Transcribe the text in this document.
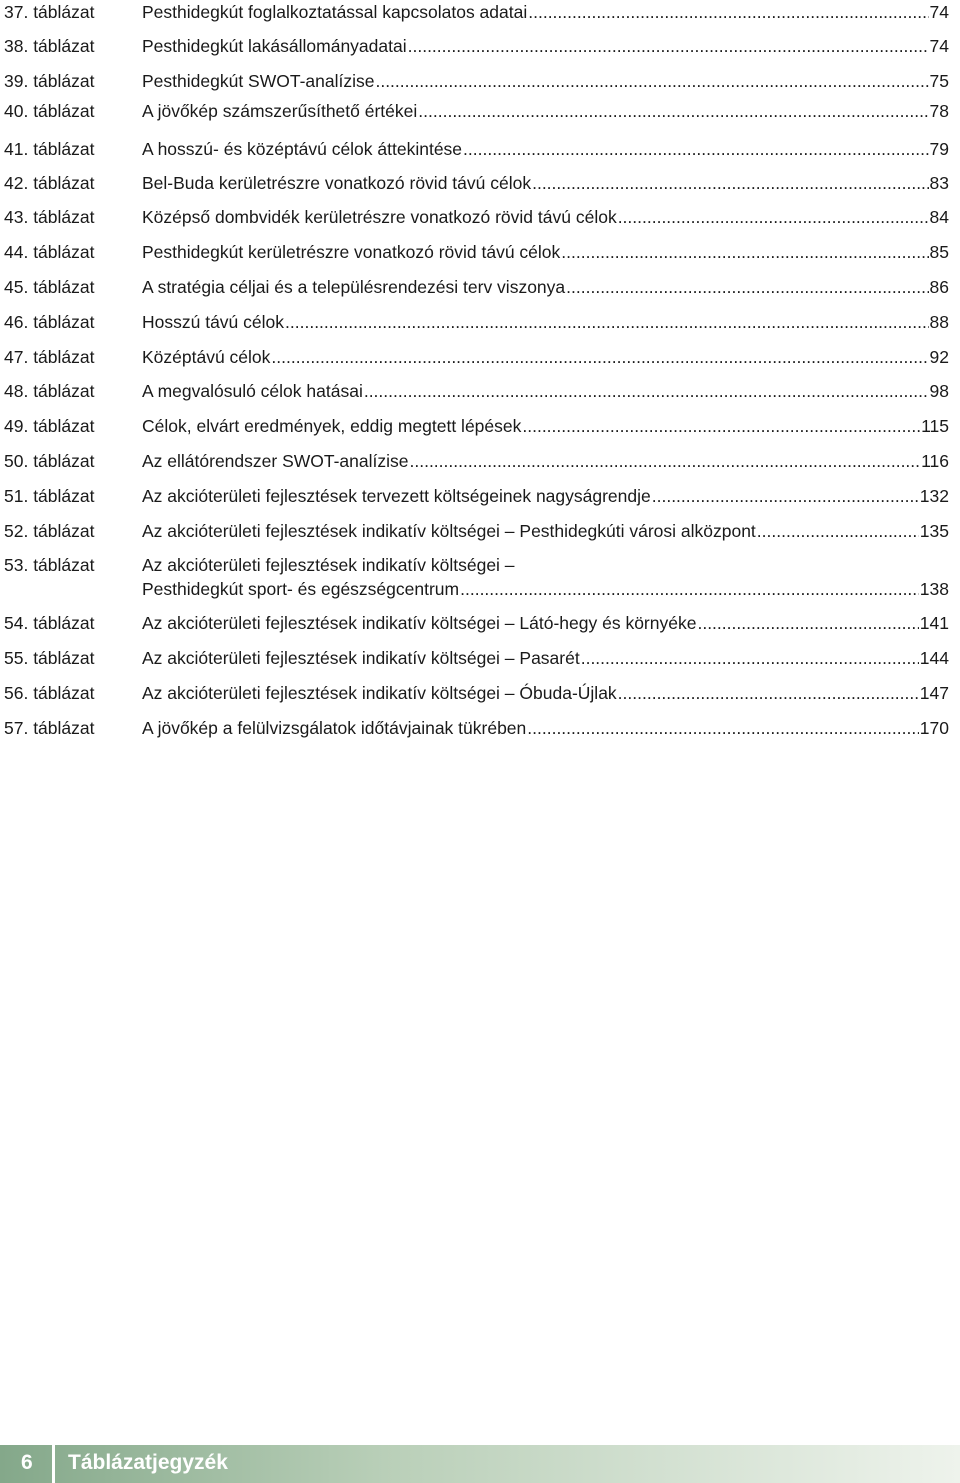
37. táblázat	Pesthidegkút foglalkoztatással kapcsolatos adatai .....	74
38. táblázat	Pesthidegkút lakásállományadatai .....	74
39. táblázat	Pesthidegkút SWOT-analízise .....	75
40. táblázat	A jövőkép számszerűsíthető értékei .....	78
41. táblázat	A hosszú- és középtávú célok áttekintése .....	79
42. táblázat	Bel-Buda kerületrészre vonatkozó rövid távú célok .....	83
43. táblázat	Középső dombvidék kerületrészre vonatkozó rövid távú célok .....	84
44. táblázat	Pesthidegkút kerületrészre vonatkozó rövid távú célok .....	85
45. táblázat	A stratégia céljai és a településrendezési terv viszonya .....	86
46. táblázat	Hosszú távú célok .....	88
47. táblázat	Középtávú célok .....	92
48. táblázat	A megvalósuló célok hatásai .....	98
49. táblázat	Célok, elvárt eredmények, eddig megtett lépések .....	115
50. táblázat	Az ellátórendszer SWOT-analízise .....	116
51. táblázat	Az akcióterületi fejlesztések tervezett költségeinek nagyságrendje .....	132
52. táblázat	Az akcióterületi fejlesztések indikatív költségei – Pesthidegkúti városi alközpont .....	135
53. táblázat	Az akcióterületi fejlesztések indikatív költségei –
Pesthidegkút sport- és egészségcentrum .....	138
54. táblázat	Az akcióterületi fejlesztések indikatív költségei – Látó-hegy és környéke .....	141
55. táblázat	Az akcióterületi fejlesztések indikatív költségei – Pasarét .....	144
56. táblázat	Az akcióterületi fejlesztések indikatív költségei – Óbuda-Újlak .....	147
57. táblázat	A jövőkép a felülvizsgálatok időtávjainak tükrében .....	170
6 Táblázatjegyzék
